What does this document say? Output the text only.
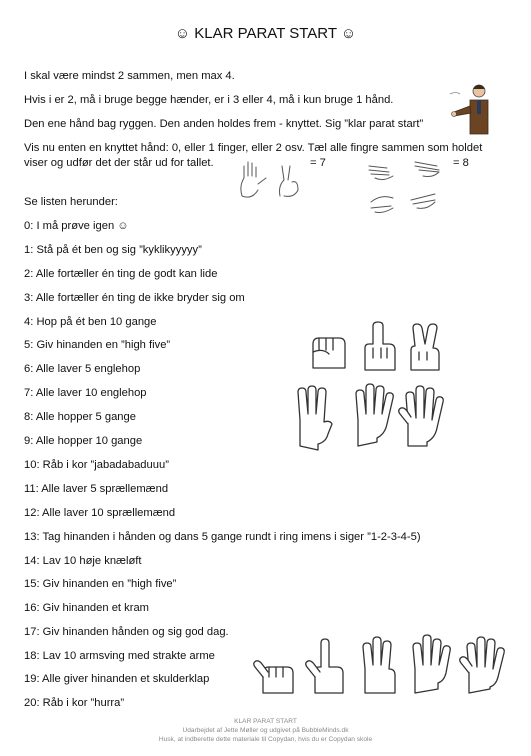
☺ KLAR PARAT START ☺
I skal være mindst 2 sammen, men max 4.
Hvis i er 2, må i bruge begge hænder, er i 3 eller 4, må i kun bruge 1 hånd.
Den ene hånd bag ryggen. Den anden holdes frem - knyttet. Sig ”klar parat start”
Vis nu enten en knyttet hånd: 0, eller 1 finger, eller 2 osv. Tæl alle fingre sammen som holdet
viser og udfør det der står ud for tallet.	= 7	= 8
Se listen herunder:
0: I må prøve igen ☺
1: Stå på ét ben og sig ”kyklikyyyyy”
2: Alle fortæller én ting de godt kan lide
3: Alle fortæller én ting de ikke bryder sig om
4: Hop på ét ben 10 gange
5: Giv hinanden en ”high five”
6: Alle laver 5 englehop
7: Alle laver 10 englehop
8: Alle hopper 5 gange
9: Alle hopper 10 gange
10: Råb i kor ”jabadabaduuu”
11: Alle laver 5 sprællemænd
12: Alle laver 10 sprællemænd
13: Tag hinanden i hånden og dans 5 gange rundt i ring imens i siger ”1-2-3-4-5)
14: Lav 10 høje knæløft
15: Giv hinanden en ”high five”
16: Giv hinanden et kram
17: Giv hinanden hånden og sig god dag.
18: Lav 10 armsving med strakte arme
19: Alle giver hinanden et skulderklap
20: Råb i kor ”hurra”
KLAR PARAT START
Udarbejdet af Jette Møller og udgivet på BubbleMinds.dk
Husk, at indberette dette materiale til Copydan, hvis du er Copydan skole
